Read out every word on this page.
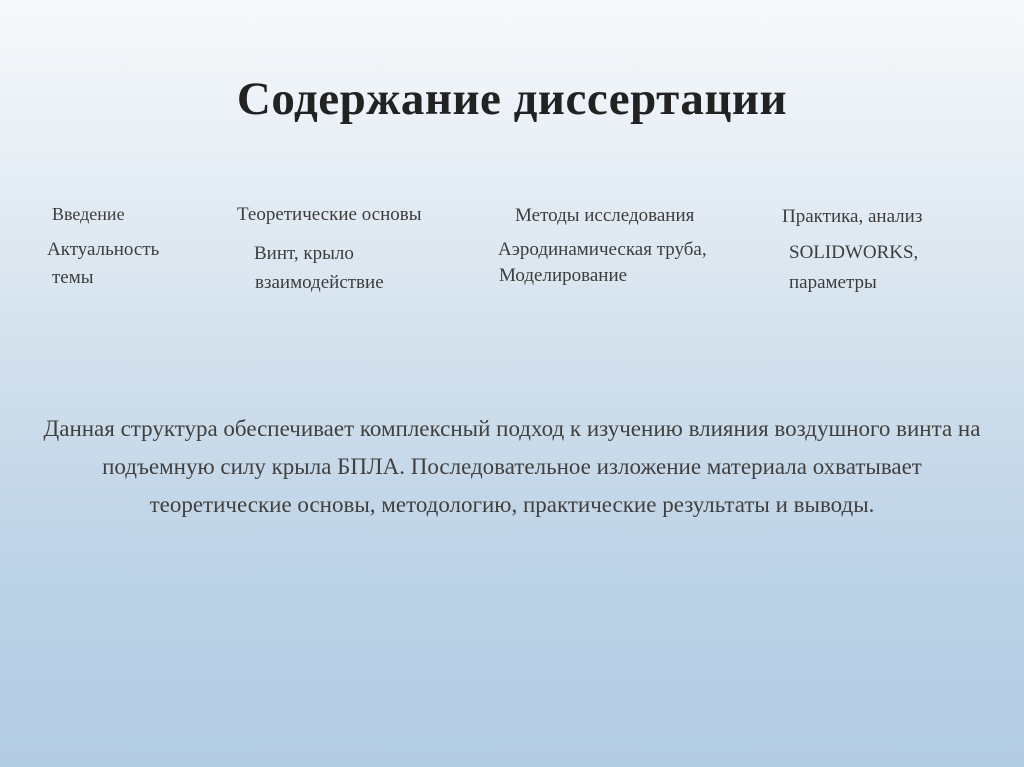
Содержание диссертации
Введение
Актуальность
темы
Теоретические основы
Винт, крыло
взаимодействие
Методы исследования
Аэродинамическая труба,
Моделирование
Практика, анализ
SOLIDWORKS,
параметры

Данная структура обеспечивает комплексный подход к изучению влияния воздушного винта на подъемную силу крыла БПЛА. Последовательное изложение материала охватывает теоретические основы, методологию, практические результаты и выводы.
